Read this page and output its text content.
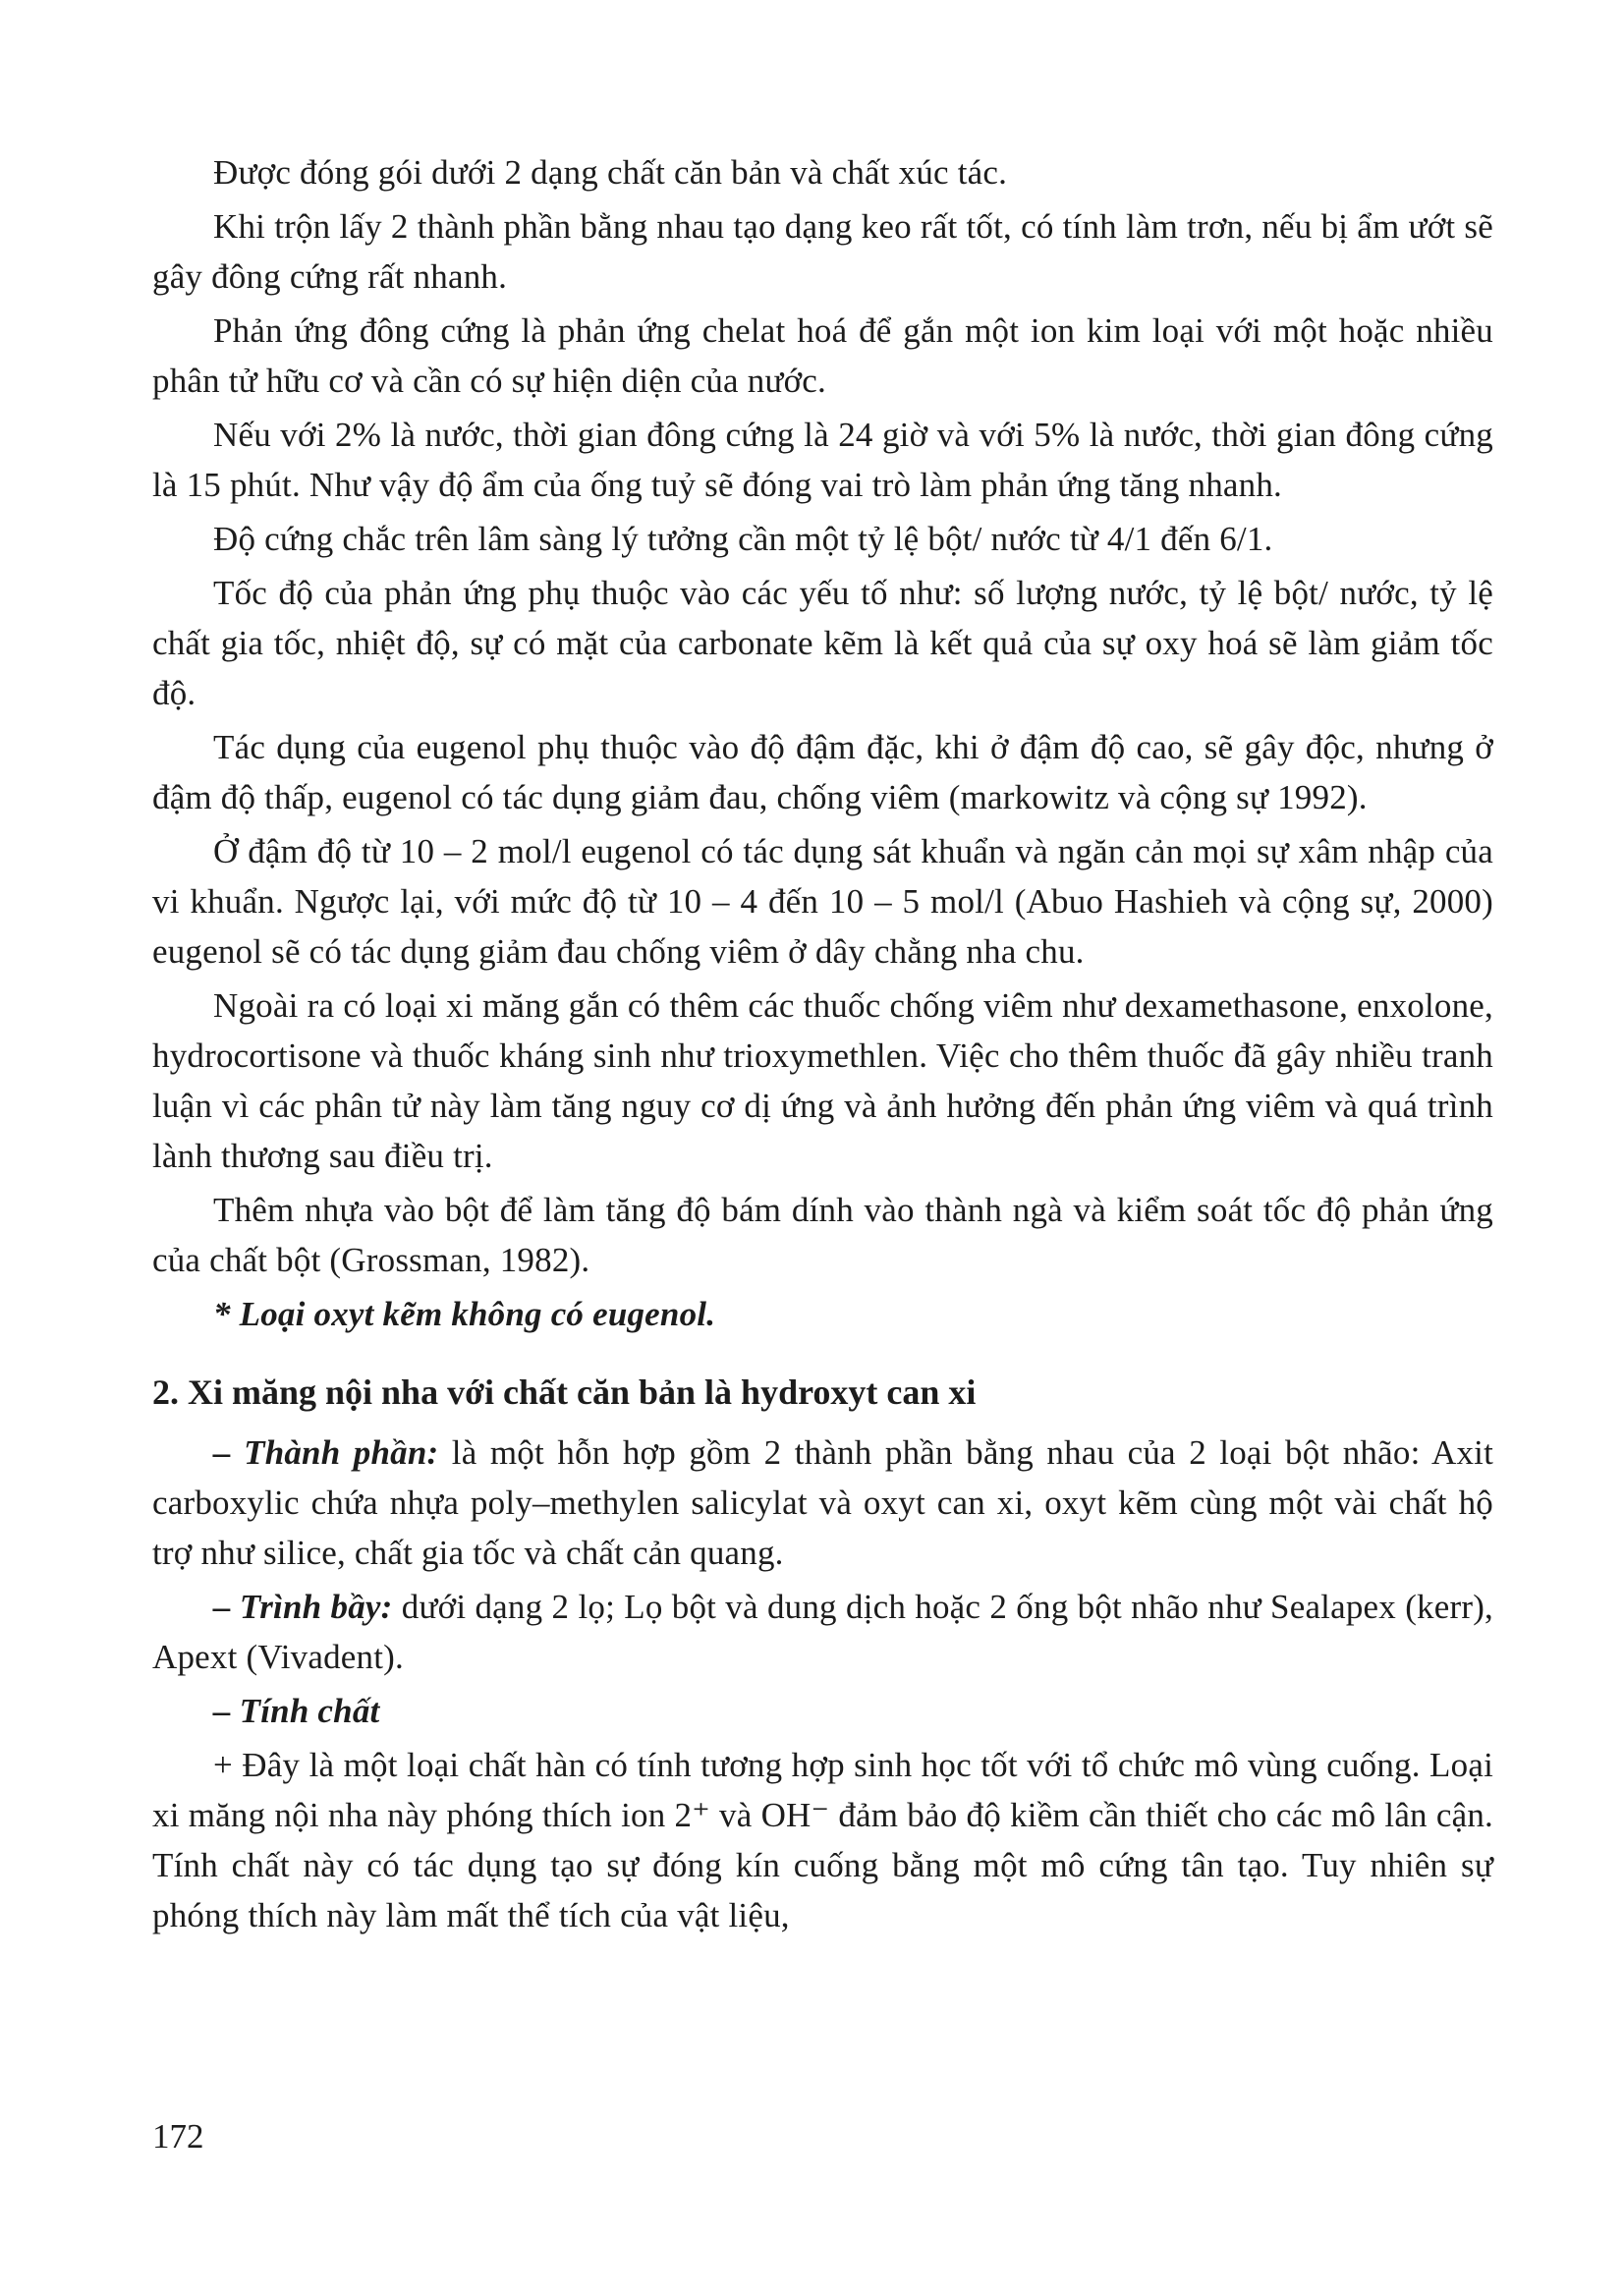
Được đóng gói dưới 2 dạng chất căn bản và chất xúc tác.

Khi trộn lấy 2 thành phần bằng nhau tạo dạng keo rất tốt, có tính làm trơn, nếu bị ẩm ướt sẽ gây đông cứng rất nhanh.

Phản ứng đông cứng là phản ứng chelat hoá để gắn một ion kim loại với một hoặc nhiều phân tử hữu cơ và cần có sự hiện diện của nước.

Nếu với 2% là nước, thời gian đông cứng là 24 giờ và với 5% là nước, thời gian đông cứng là 15 phút. Như vậy độ ẩm của ống tuỷ sẽ đóng vai trò làm phản ứng tăng nhanh.

Độ cứng chắc trên lâm sàng lý tưởng cần một tỷ lệ bột/ nước từ 4/1 đến 6/1.

Tốc độ của phản ứng phụ thuộc vào các yếu tố như: số lượng nước, tỷ lệ bột/ nước, tỷ lệ chất gia tốc, nhiệt độ, sự có mặt của carbonate kẽm là kết quả của sự oxy hoá sẽ làm giảm tốc độ.

Tác dụng của eugenol phụ thuộc vào độ đậm đặc, khi ở đậm độ cao, sẽ gây độc, nhưng ở đậm độ thấp, eugenol có tác dụng giảm đau, chống viêm (markowitz và cộng sự 1992).

Ở đậm độ từ 10 – 2 mol/l eugenol có tác dụng sát khuẩn và ngăn cản mọi sự xâm nhập của vi khuẩn. Ngược lại, với mức độ từ 10 – 4 đến 10 – 5 mol/l (Abuo Hashieh và cộng sự, 2000) eugenol sẽ có tác dụng giảm đau chống viêm ở dây chằng nha chu.

Ngoài ra có loại xi măng gắn có thêm các thuốc chống viêm như dexamethasone, enxolone, hydrocortisone và thuốc kháng sinh như trioxymethlen. Việc cho thêm thuốc đã gây nhiều tranh luận vì các phân tử này làm tăng nguy cơ dị ứng và ảnh hưởng đến phản ứng viêm và quá trình lành thương sau điều trị.

Thêm nhựa vào bột để làm tăng độ bám dính vào thành ngà và kiểm soát tốc độ phản ứng của chất bột (Grossman, 1982).

* Loại oxyt kẽm không có eugenol.

2. Xi măng nội nha với chất căn bản là hydroxyt can xi

– Thành phần: là một hỗn hợp gồm 2 thành phần bằng nhau của 2 loại bột nhão: Axit carboxylic chứa nhựa poly–methylen salicylat và oxyt can xi, oxyt kẽm cùng một vài chất hộ trợ như silice, chất gia tốc và chất cản quang.

– Trình bầy: dưới dạng 2 lọ; Lọ bột và dung dịch hoặc 2 ống bột nhão như Sealapex (kerr), Apext (Vivadent).

– Tính chất

+ Đây là một loại chất hàn có tính tương hợp sinh học tốt với tổ chức mô vùng cuống. Loại xi măng nội nha này phóng thích ion 2⁺ và OH⁻ đảm bảo độ kiềm cần thiết cho các mô lân cận. Tính chất này có tác dụng tạo sự đóng kín cuống bằng một mô cứng tân tạo. Tuy nhiên sự phóng thích này làm mất thể tích của vật liệu,

172
